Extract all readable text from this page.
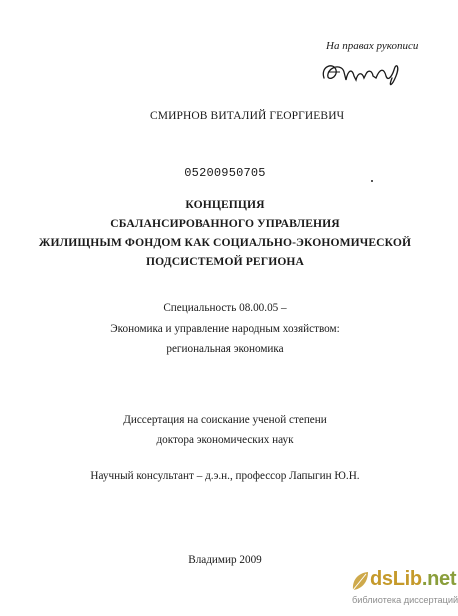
На правах рукописи
СМИРНОВ ВИТАЛИЙ ГЕОРГИЕВИЧ
05200950705
КОНЦЕПЦИЯ
СБАЛАНСИРОВАННОГО УПРАВЛЕНИЯ
ЖИЛИЩНЫМ ФОНДОМ КАК СОЦИАЛЬНО-ЭКОНОМИЧЕСКОЙ
ПОДСИСТЕМОЙ РЕГИОНА
Специальность 08.00.05 –
Экономика и управление народным хозяйством:
региональная экономика
Диссертация на соискание ученой степени
доктора экономических наук
Научный консультант – д.э.н., профессор Лапыгин Ю.Н.
Владимир 2009
dsLib.net
библиотека диссертаций
